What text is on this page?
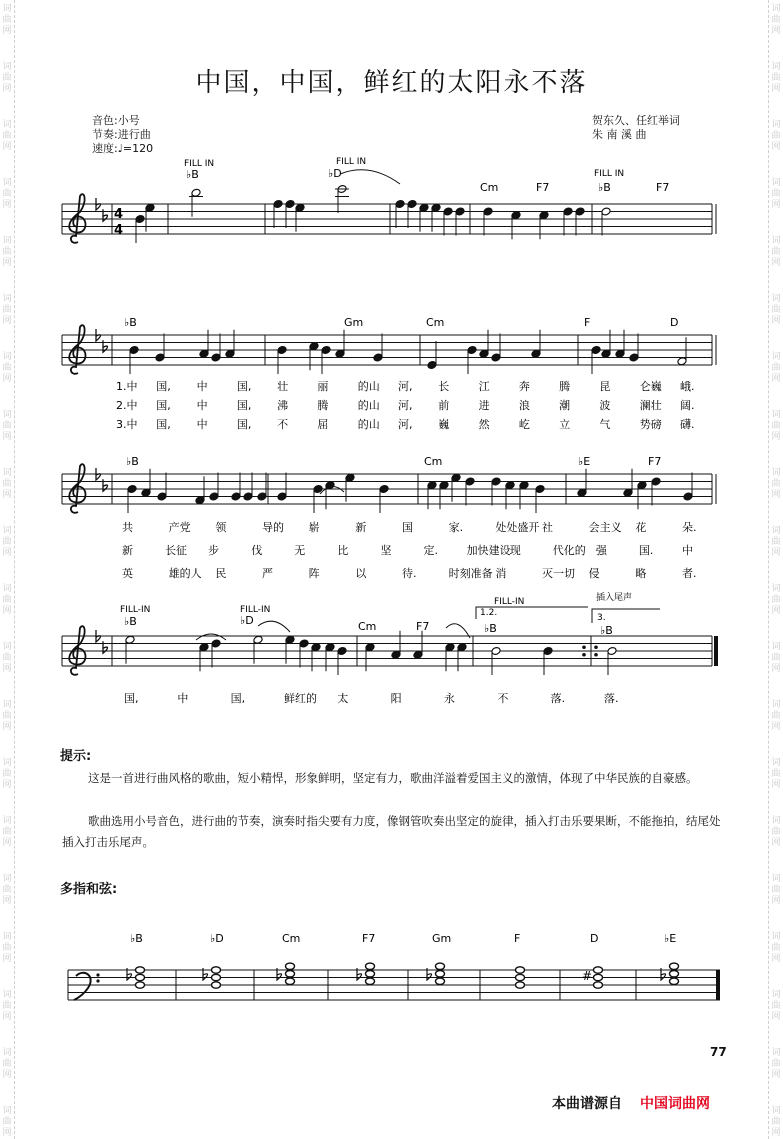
词
曲
网
词
曲
网
词
曲
网
词
曲
网
词
曲
网
词
曲
网
词
曲
网
词
曲
网
词
曲
网
词
曲
网
词
曲
网
词
曲
网
词
曲
网
词
曲
网
词
曲
网
词
曲
网
词
曲
网
词
曲
网
词
曲
网
词
曲
网
词
曲
网
词
曲
网
词
曲
网
词
曲
网
词
曲
网
词
曲
网
词
曲
网
词
曲
网
词
曲
网
词
曲
网
词
曲
网
词
曲
网
词
曲
网
词
曲
网
词
曲
网
词
曲
网
词
曲
网
词
曲
网
词
曲
网
词
曲
网
中国，中国，鲜红的太阳永不落
音色:小号
节奏:进行曲
速度:♩=120
贺东久、任红举词
朱 南 溪 曲
4
4
FILL IN	FILL IN
FILL IN
♭B	♭D
Cm	F7	♭B	F7
♭B	Gm	Cm	F	D
♭B	Cm	♭E	F7
FILL-IN	FILL-IN
FILL-IN	插入尾声
1.2.	3.
♭B	♭D	Cm	F7	♭B	♭B
1.中 国, 中	国, 壮	丽	的山 河, 长	江	奔	腾	昆	仑巍 峨.
2.中 国, 中	国, 沸	腾	的山 河, 前	进	浪	潮	波	澜壮 阔.
3.中 国, 中	国, 不	屈	的山 河, 巍	然	屹	立	气	势磅 礴.
共	产党 领	导的 崭	新	国	家.	处处盛开 社	会主义 花	朵.
新	长征 步	伐	无	比	坚	定.	加快建设 现	代化的 强	国.	中
英	雄的人 民	严	阵	以	待.	时刻准备 消	灭一切 侵	略	者.
国,	中	国,	鲜红的 太	阳	永	不	落.	落.
提示:
这是一首进行曲风格的歌曲，短小精悍，形象鲜明，坚定有力，歌曲洋溢着爱国主义的激情，体现了中华民族的自豪感。
歌曲选用小号音色，进行曲的节奏，演奏时指尖要有力度，像钢管吹奏出坚定的旋律，插入打击乐要果断，不能拖拍，结尾处插入打击乐尾声。
多指和弦:
#
♭B	♭D	Cm	F7	Gm	F	D	♭E
77
本曲谱源自 中国词曲网
